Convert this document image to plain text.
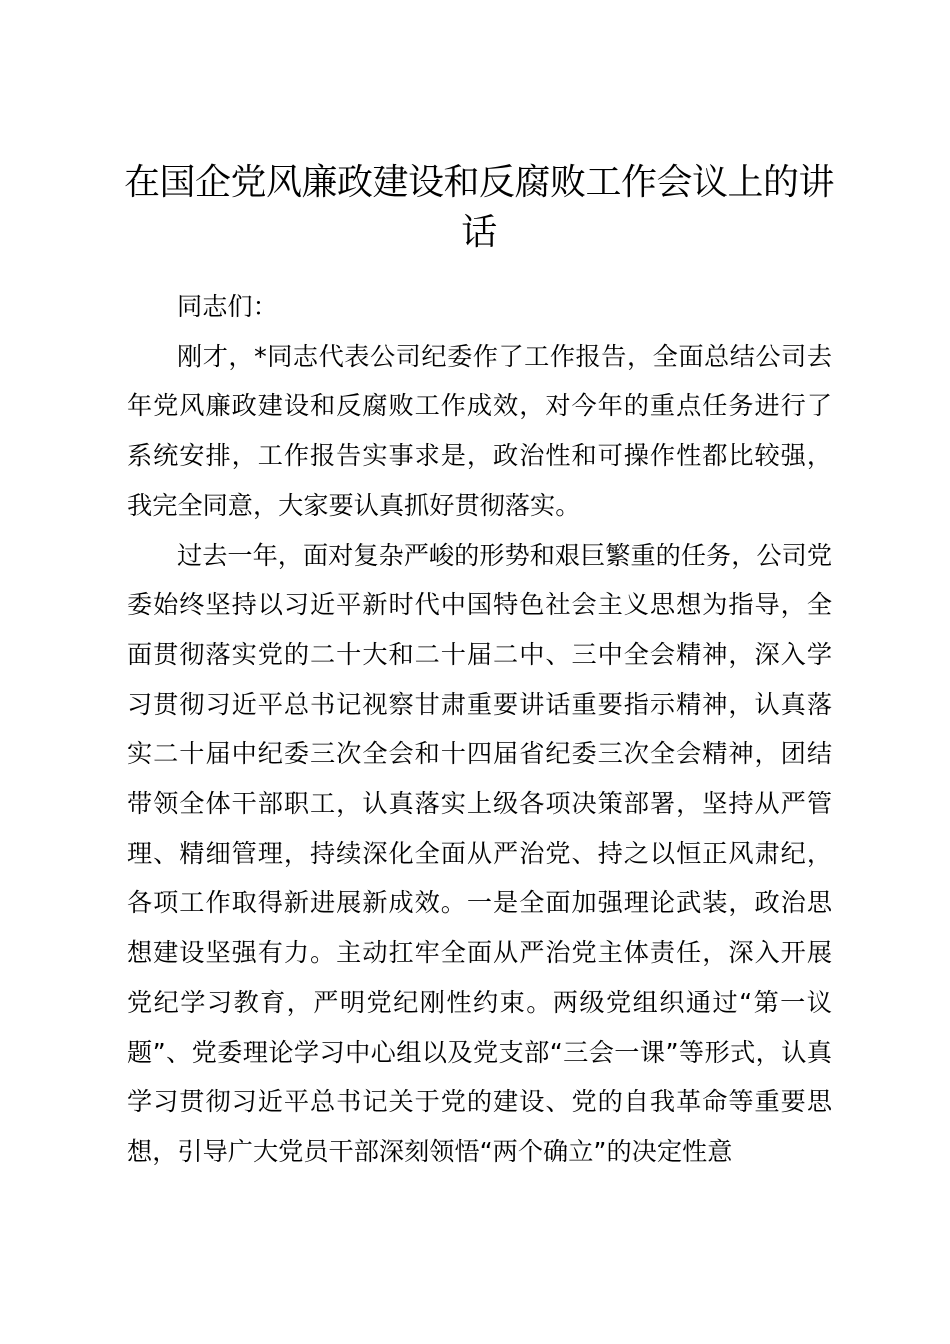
在国企党风廉政建设和反腐败工作会议上的讲话

同志们：

刚才，*同志代表公司纪委作了工作报告，全面总结公司去年党风廉政建设和反腐败工作成效，对今年的重点任务进行了系统安排，工作报告实事求是，政治性和可操作性都比较强，我完全同意，大家要认真抓好贯彻落实。

过去一年，面对复杂严峻的形势和艰巨繁重的任务，公司党委始终坚持以习近平新时代中国特色社会主义思想为指导，全面贯彻落实党的二十大和二十届二中、三中全会精神，深入学习贯彻习近平总书记视察甘肃重要讲话重要指示精神，认真落实二十届中纪委三次全会和十四届省纪委三次全会精神，团结带领全体干部职工，认真落实上级各项决策部署，坚持从严管理、精细管理，持续深化全面从严治党、持之以恒正风肃纪，各项工作取得新进展新成效。一是全面加强理论武装，政治思想建设坚强有力。主动扛牢全面从严治党主体责任，深入开展党纪学习教育，严明党纪刚性约束。两级党组织通过“第一议题”、党委理论学习中心组以及党支部“三会一课”等形式，认真学习贯彻习近平总书记关于党的建设、党的自我革命等重要思想，引导广大党员干部深刻领悟“两个确立”的决定性意
